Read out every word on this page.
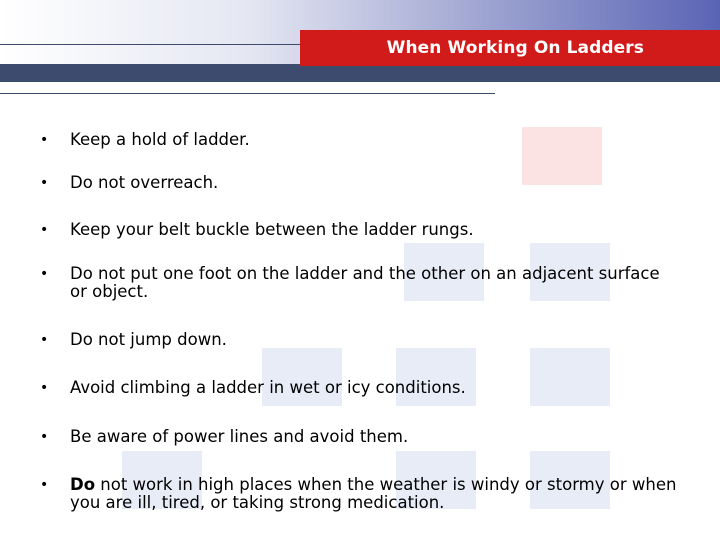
When Working On Ladders
•	Keep a hold of ladder.
•	Do not overreach.
•	Keep your belt buckle between the ladder rungs.
•	Do not put one foot on the ladder and the other on an adjacent surface or object.
•	Do not jump down.
•	Avoid climbing a ladder in wet or icy conditions.
•	Be aware of power lines and avoid them.
•	Do not work in high places when the weather is windy or stormy or when you are ill, tired, or taking strong medication.
